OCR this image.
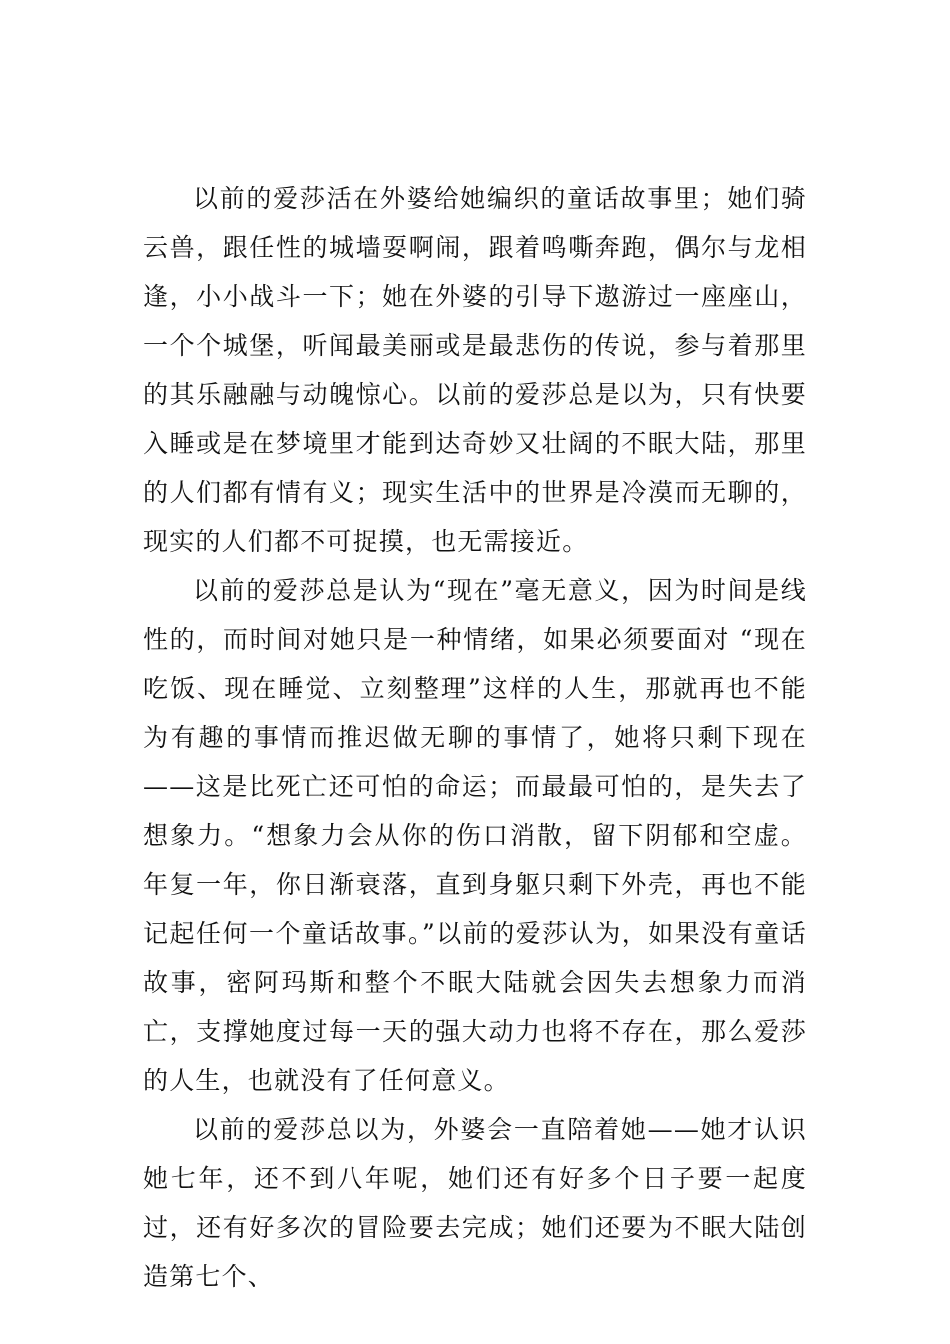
以前的爱莎活在外婆给她编织的童话故事里；她们骑云兽，跟任性的城墙耍啊闹，跟着鸣嘶奔跑，偶尔与龙相逢，小小战斗一下；她在外婆的引导下遨游过一座座山，一个个城堡，听闻最美丽或是最悲伤的传说，参与着那里的其乐融融与动魄惊心。以前的爱莎总是以为，只有快要入睡或是在梦境里才能到达奇妙又壮阔的不眠大陆，那里的人们都有情有义；现实生活中的世界是冷漠而无聊的，现实的人们都不可捉摸，也无需接近。

以前的爱莎总是认为“现在”毫无意义，因为时间是线性的，而时间对她只是一种情绪，如果必须要面对 “现在吃饭、现在睡觉、立刻整理”这样的人生，那就再也不能为有趣的事情而推迟做无聊的事情了，她将只剩下现在——这是比死亡还可怕的命运；而最最可怕的，是失去了想象力。“想象力会从你的伤口消散，留下阴郁和空虚。年复一年，你日渐衰落，直到身躯只剩下外壳，再也不能记起任何一个童话故事。”以前的爱莎认为，如果没有童话故事，密阿玛斯和整个不眠大陆就会因失去想象力而消亡，支撑她度过每一天的强大动力也将不存在，那么爱莎的人生，也就没有了任何意义。

以前的爱莎总以为，外婆会一直陪着她——她才认识她七年，还不到八年呢，她们还有好多个日子要一起度过，还有好多次的冒险要去完成；她们还要为不眠大陆创造第七个、
